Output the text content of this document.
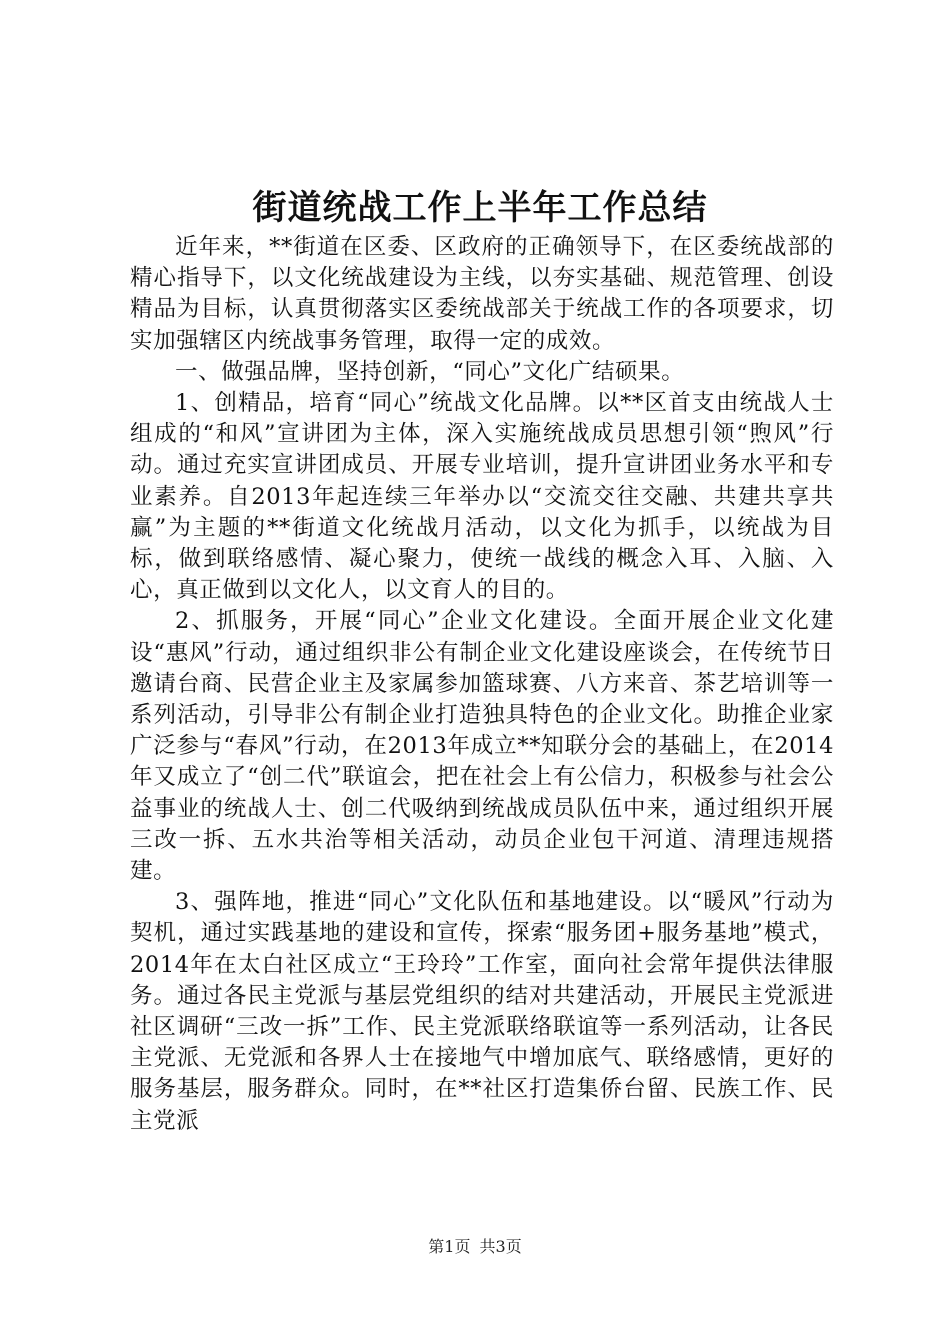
街道统战工作上半年工作总结

近年来，**街道在区委、区政府的正确领导下，在区委统战部的精心指导下，以文化统战建设为主线，以夯实基础、规范管理、创设精品为目标，认真贯彻落实区委统战部关于统战工作的各项要求，切实加强辖区内统战事务管理，取得一定的成效。

一、做强品牌，坚持创新，“同心”文化广结硕果。

1、创精品，培育“同心”统战文化品牌。以**区首支由统战人士组成的“和风”宣讲团为主体，深入实施统战成员思想引领“煦风”行动。通过充实宣讲团成员、开展专业培训，提升宣讲团业务水平和专业素养。自2013年起连续三年举办以“交流交往交融、共建共享共赢”为主题的**街道文化统战月活动，以文化为抓手，以统战为目标，做到联络感情、凝心聚力，使统一战线的概念入耳、入脑、入心，真正做到以文化人，以文育人的目的。

2、抓服务，开展“同心”企业文化建设。全面开展企业文化建设“惠风”行动，通过组织非公有制企业文化建设座谈会，在传统节日邀请台商、民营企业主及家属参加篮球赛、八方来音、茶艺培训等一系列活动，引导非公有制企业打造独具特色的企业文化。助推企业家广泛参与“春风”行动，在2013年成立**知联分会的基础上，在2014年又成立了“创二代”联谊会，把在社会上有公信力，积极参与社会公益事业的统战人士、创二代吸纳到统战成员队伍中来，通过组织开展三改一拆、五水共治等相关活动，动员企业包干河道、清理违规搭建。

3、强阵地，推进“同心”文化队伍和基地建设。以“暖风”行动为契机，通过实践基地的建设和宣传，探索“服务团+服务基地”模式，2014年在太白社区成立“王玲玲”工作室，面向社会常年提供法律服务。通过各民主党派与基层党组织的结对共建活动，开展民主党派进社区调研“三改一拆”工作、民主党派联络联谊等一系列活动，让各民主党派、无党派和各界人士在接地气中增加底气、联络感情，更好的服务基层，服务群众。同时，在**社区打造集侨台留、民族工作、民主党派

第1页 共3页
